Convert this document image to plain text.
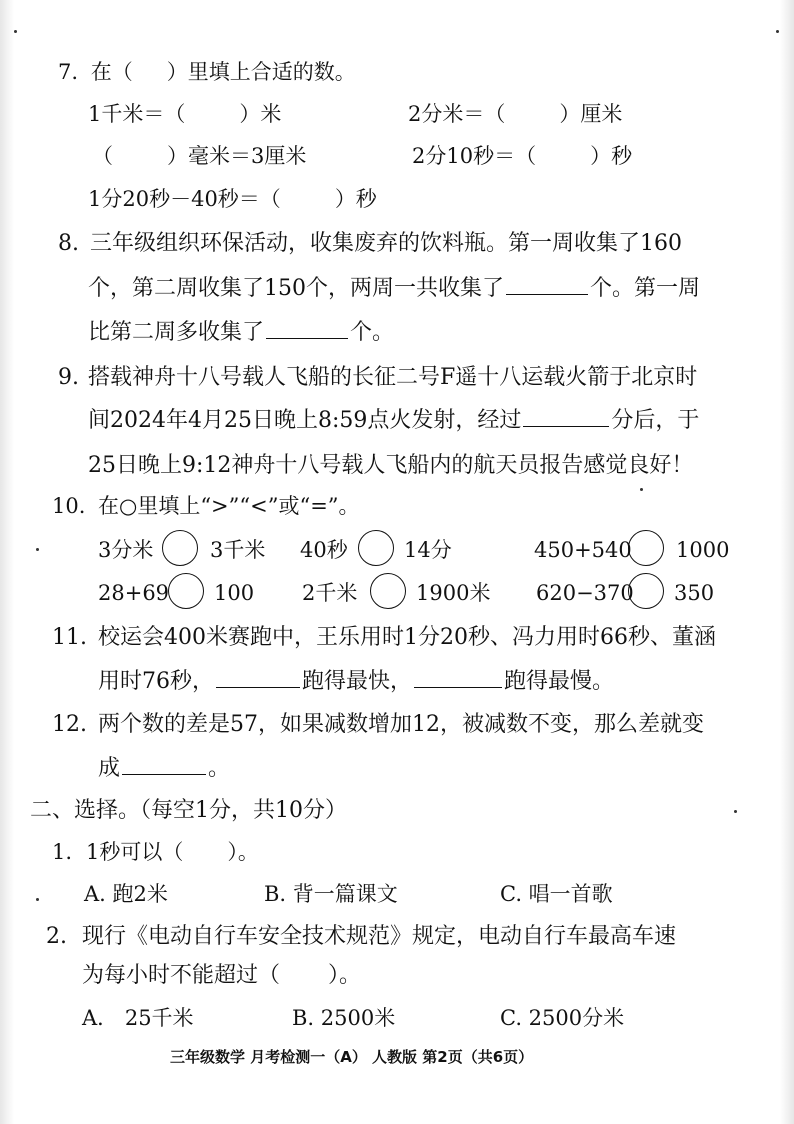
7. 在（ ）里填上合适的数。
1千米＝（	）米	2分米＝（	）厘米
（	）毫米＝3厘米	2分10秒＝（	）秒
1分20秒－40秒＝（	）秒
8. 三年级组织环保活动，收集废弃的饮料瓶。第一周收集了160
个，第二周收集了150个，两周一共收集了	个。第一周
比第二周多收集了	个。
9. 搭载神舟十八号载人飞船的长征二号F遥十八运载火箭于北京时
间2024年4月25日晚上8:59点火发射，经过	分后，于
25日晚上9:12神舟十八号载人飞船内的航天员报告感觉良好！
10. 在○里填上“>”“<”或“=”。
3分米	3千米 40秒	14分	450+540 1000
28+69 100 2千米	1900米 620−370 350
11. 校运会400米赛跑中，王乐用时1分20秒、冯力用时66秒、董涵
用时76秒，	跑得最快，	跑得最慢。
12. 两个数的差是57，如果减数增加12，被减数不变，那么差就变
成	。
二、选择。（每空1分，共10分）
1. 1秒可以（ ）。
A. 跑2米	B. 背一篇课文	C. 唱一首歌
2. 现行《电动自行车安全技术规范》规定，电动自行车最高车速
为每小时不能超过（ ）。
A． 25千米	B. 2500米	C. 2500分米
三年级数学 月考检测一（A） 人教版 第2页（共6页）
